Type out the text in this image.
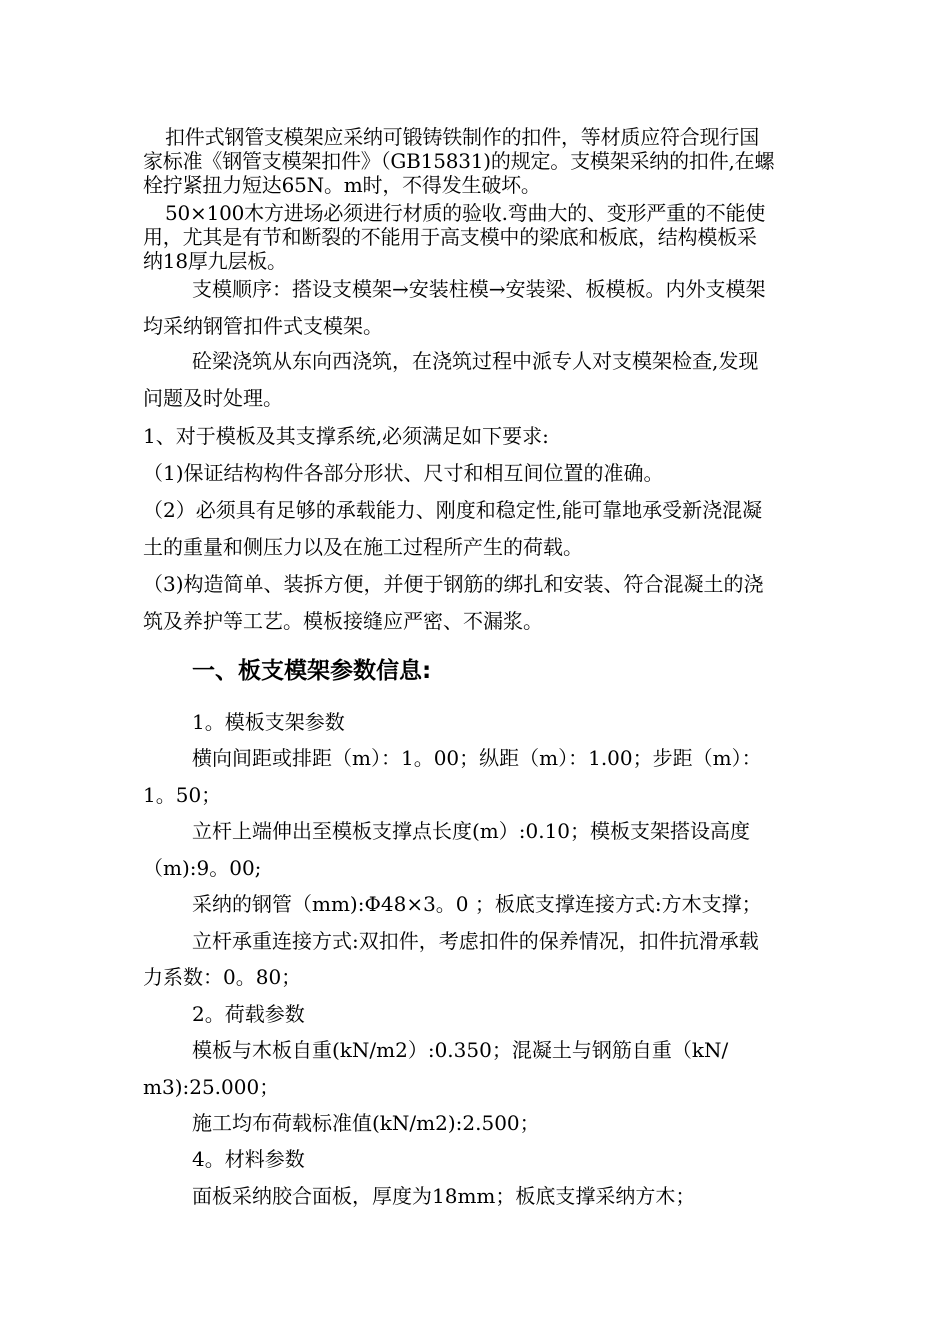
扣件式钢管支模架应采纳可锻铸铁制作的扣件，等材质应符合现行国
家标准《钢管支模架扣件》（GB15831)的规定。支模架采纳的扣件,在螺
栓拧紧扭力短达65N。m时，不得发生破坏。
50×100木方进场必须进行材质的验收.弯曲大的、变形严重的不能使
用，尤其是有节和断裂的不能用于高支模中的梁底和板底，结构模板采
纳18厚九层板。
支模顺序：搭设支模架→安装柱模→安装梁、板模板。内外支模架
均采纳钢管扣件式支模架。
砼梁浇筑从东向西浇筑，在浇筑过程中派专人对支模架检查,发现
问题及时处理。
1、对于模板及其支撑系统,必须满足如下要求:
（1)保证结构构件各部分形状、尺寸和相互间位置的准确。
（2）必须具有足够的承载能力、刚度和稳定性,能可靠地承受新浇混凝
土的重量和侧压力以及在施工过程所产生的荷载。
（3)构造简单、装拆方便，并便于钢筋的绑扎和安装、符合混凝土的浇
筑及养护等工艺。模板接缝应严密、不漏浆。
一、板支模架参数信息:
1。模板支架参数
横向间距或排距（m）：1。00；纵距（m）：1.00；步距（m）：
1。50；
立杆上端伸出至模板支撑点长度(m）:0.10；模板支架搭设高度
（m):9。00;
采纳的钢管（mm):Φ48×3。0 ；板底支撑连接方式:方木支撑；
立杆承重连接方式:双扣件，考虑扣件的保养情况，扣件抗滑承载
力系数：0。80；
2。荷载参数
模板与木板自重(kN/m2）:0.350；混凝土与钢筋自重（kN/
m3):25.000；
施工均布荷载标准值(kN/m2):2.500；
4。材料参数
面板采纳胶合面板，厚度为18mm；板底支撑采纳方木；
